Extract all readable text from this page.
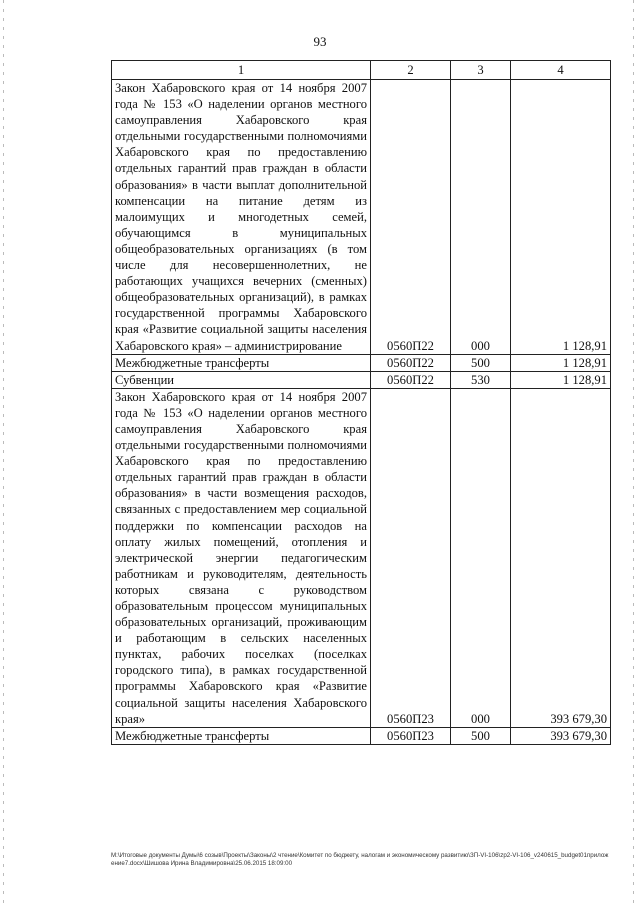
93
1	2	3	4
Закон Хабаровского края от 14 ноября 2007 года № 153 «О наделении органов местного самоуправления Хабаровского края отдельными государственными полномочиями Хабаровского края по предоставлению отдельных гарантий прав граждан в области образования» в части выплат дополнительной компенсации на питание детям из малоимущих и многодетных семей, обучающимся в муниципальных общеобразовательных организациях (в том числе для несовершеннолетних, не работающих учащихся вечерних (сменных) общеобразовательных организаций), в рамках государственной программы Хабаровского края «Развитие социальной защиты населения Хабаровского края» – администрирование	0560П22	000	1 128,91
Межбюджетные трансферты	0560П22	500	1 128,91
Субвенции	0560П22	530	1 128,91
Закон Хабаровского края от 14 ноября 2007 года № 153 «О наделении органов местного самоуправления Хабаровского края отдельными государственными полномочиями Хабаровского края по предоставлению отдельных гарантий прав граждан в области образования» в части возмещения расходов, связанных с предоставлением мер социальной поддержки по компенсации расходов на оплату жилых помещений, отопления и электрической энергии педагогическим работникам и руководителям, деятельность которых связана с руководством образовательным процессом муниципальных образовательных организаций, проживающим и работающим в сельских населенных пунктах, рабочих поселках (поселках городского типа), в рамках государственной программы Хабаровского края «Развитие социальной защиты населения Хабаровского края»	0560П23	000	393 679,30
Межбюджетные трансферты	0560П23	500	393 679,30
M:\Итоговые документы Думы\6 созыв\Проекты\Законы\2 чтение\Комитет по бюджету, налогам и экономическому развитию\ЗП-VI-106\zp2-VI-106_v240615_budget01приложение7.docx\Шишова Ирина Владимировна\25.06.2015 18:09:00
